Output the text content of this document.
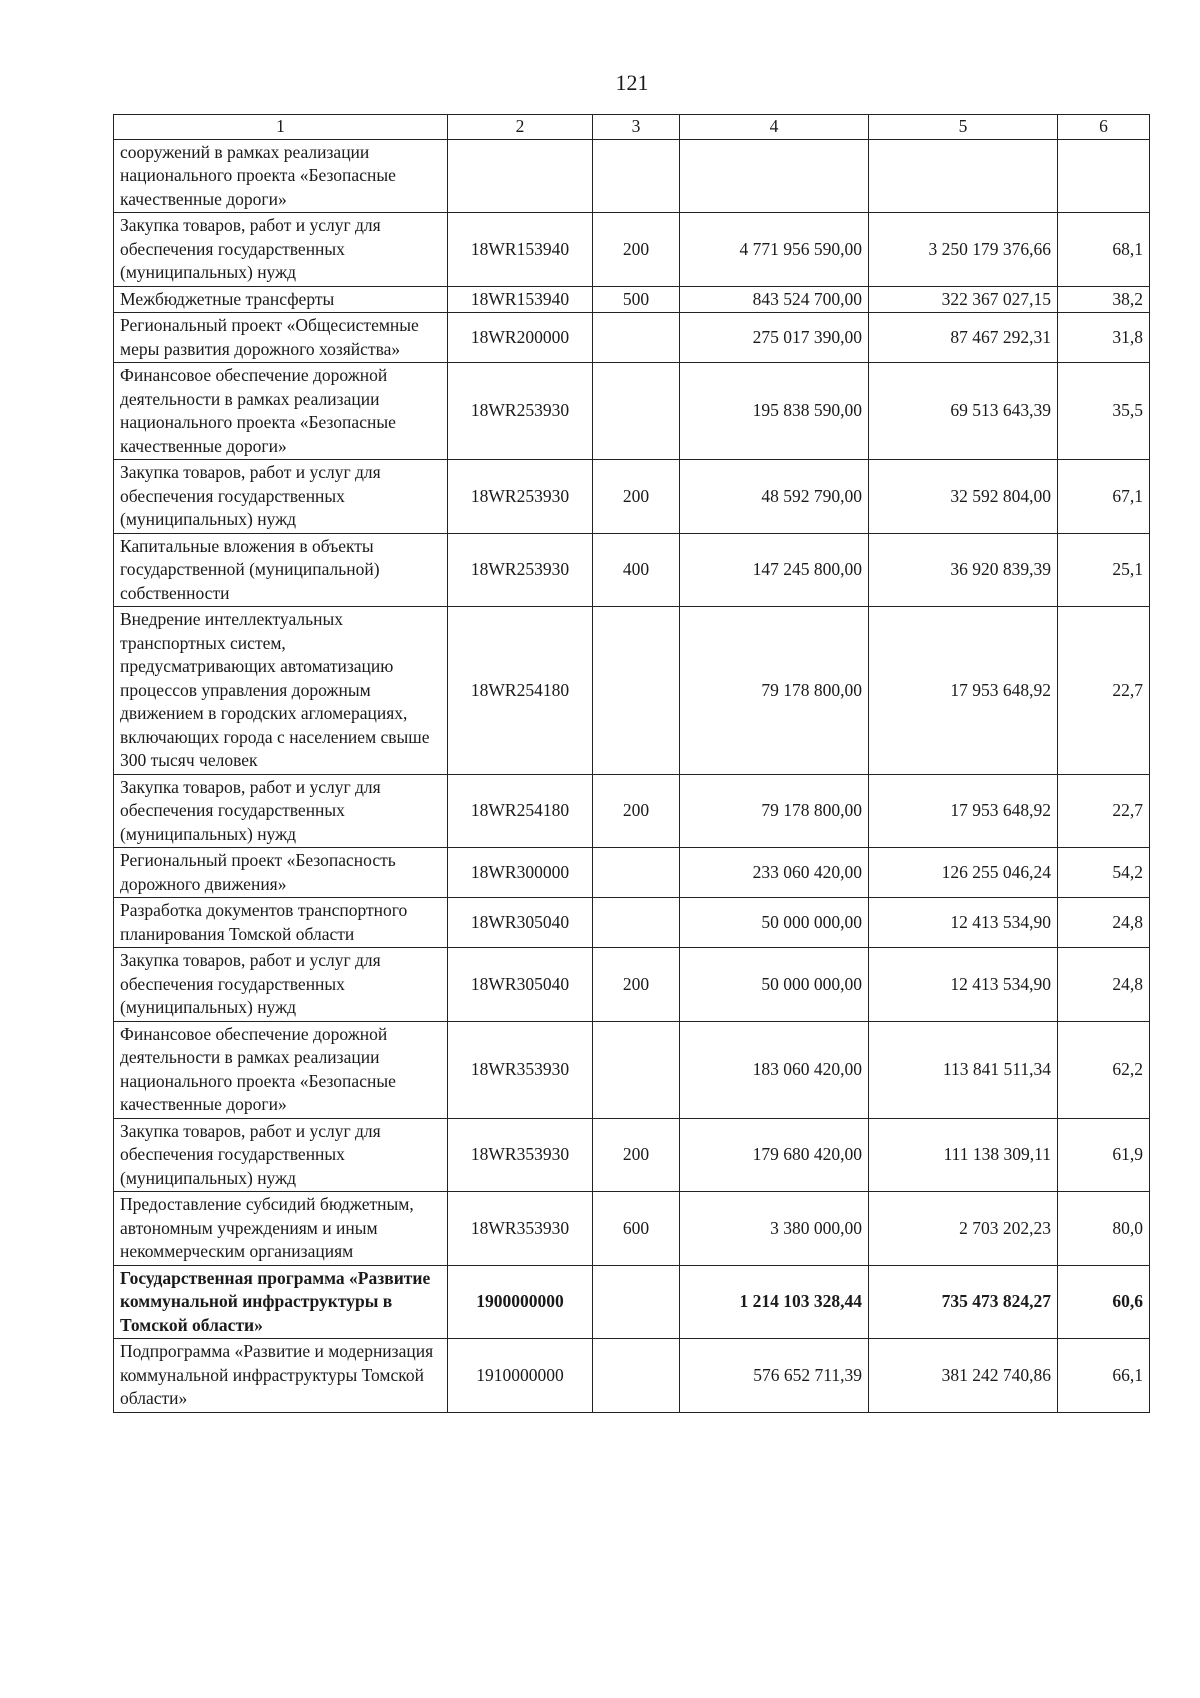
121
1	2	3	4	5	6
сооружений в рамках реализации национального проекта «Безопасные качественные дороги»					
Закупка товаров, работ и услуг для обеспечения государственных (муниципальных) нужд	18WR153940	200	4 771 956 590,00	3 250 179 376,66	68,1
Межбюджетные трансферты	18WR153940	500	843 524 700,00	322 367 027,15	38,2
Региональный проект «Общесистемные меры развития дорожного хозяйства»	18WR200000		275 017 390,00	87 467 292,31	31,8
Финансовое обеспечение дорожной деятельности в рамках реализации национального проекта «Безопасные качественные дороги»	18WR253930		195 838 590,00	69 513 643,39	35,5
Закупка товаров, работ и услуг для обеспечения государственных (муниципальных) нужд	18WR253930	200	48 592 790,00	32 592 804,00	67,1
Капитальные вложения в объекты государственной (муниципальной) собственности	18WR253930	400	147 245 800,00	36 920 839,39	25,1
Внедрение интеллектуальных транспортных систем, предусматривающих автоматизацию процессов управления дорожным движением в городских агломерациях, включающих города с населением свыше 300 тысяч человек	18WR254180		79 178 800,00	17 953 648,92	22,7
Закупка товаров, работ и услуг для обеспечения государственных (муниципальных) нужд	18WR254180	200	79 178 800,00	17 953 648,92	22,7
Региональный проект «Безопасность дорожного движения»	18WR300000		233 060 420,00	126 255 046,24	54,2
Разработка документов транспортного планирования Томской области	18WR305040		50 000 000,00	12 413 534,90	24,8
Закупка товаров, работ и услуг для обеспечения государственных (муниципальных) нужд	18WR305040	200	50 000 000,00	12 413 534,90	24,8
Финансовое обеспечение дорожной деятельности в рамках реализации национального проекта «Безопасные качественные дороги»	18WR353930		183 060 420,00	113 841 511,34	62,2
Закупка товаров, работ и услуг для обеспечения государственных (муниципальных) нужд	18WR353930	200	179 680 420,00	111 138 309,11	61,9
Предоставление субсидий бюджетным, автономным учреждениям и иным некоммерческим организациям	18WR353930	600	3 380 000,00	2 703 202,23	80,0
Государственная программа «Развитие коммунальной инфраструктуры в Томской области»	1900000000		1 214 103 328,44	735 473 824,27	60,6
Подпрограмма «Развитие и модернизация коммунальной инфраструктуры Томской области»	1910000000		576 652 711,39	381 242 740,86	66,1
